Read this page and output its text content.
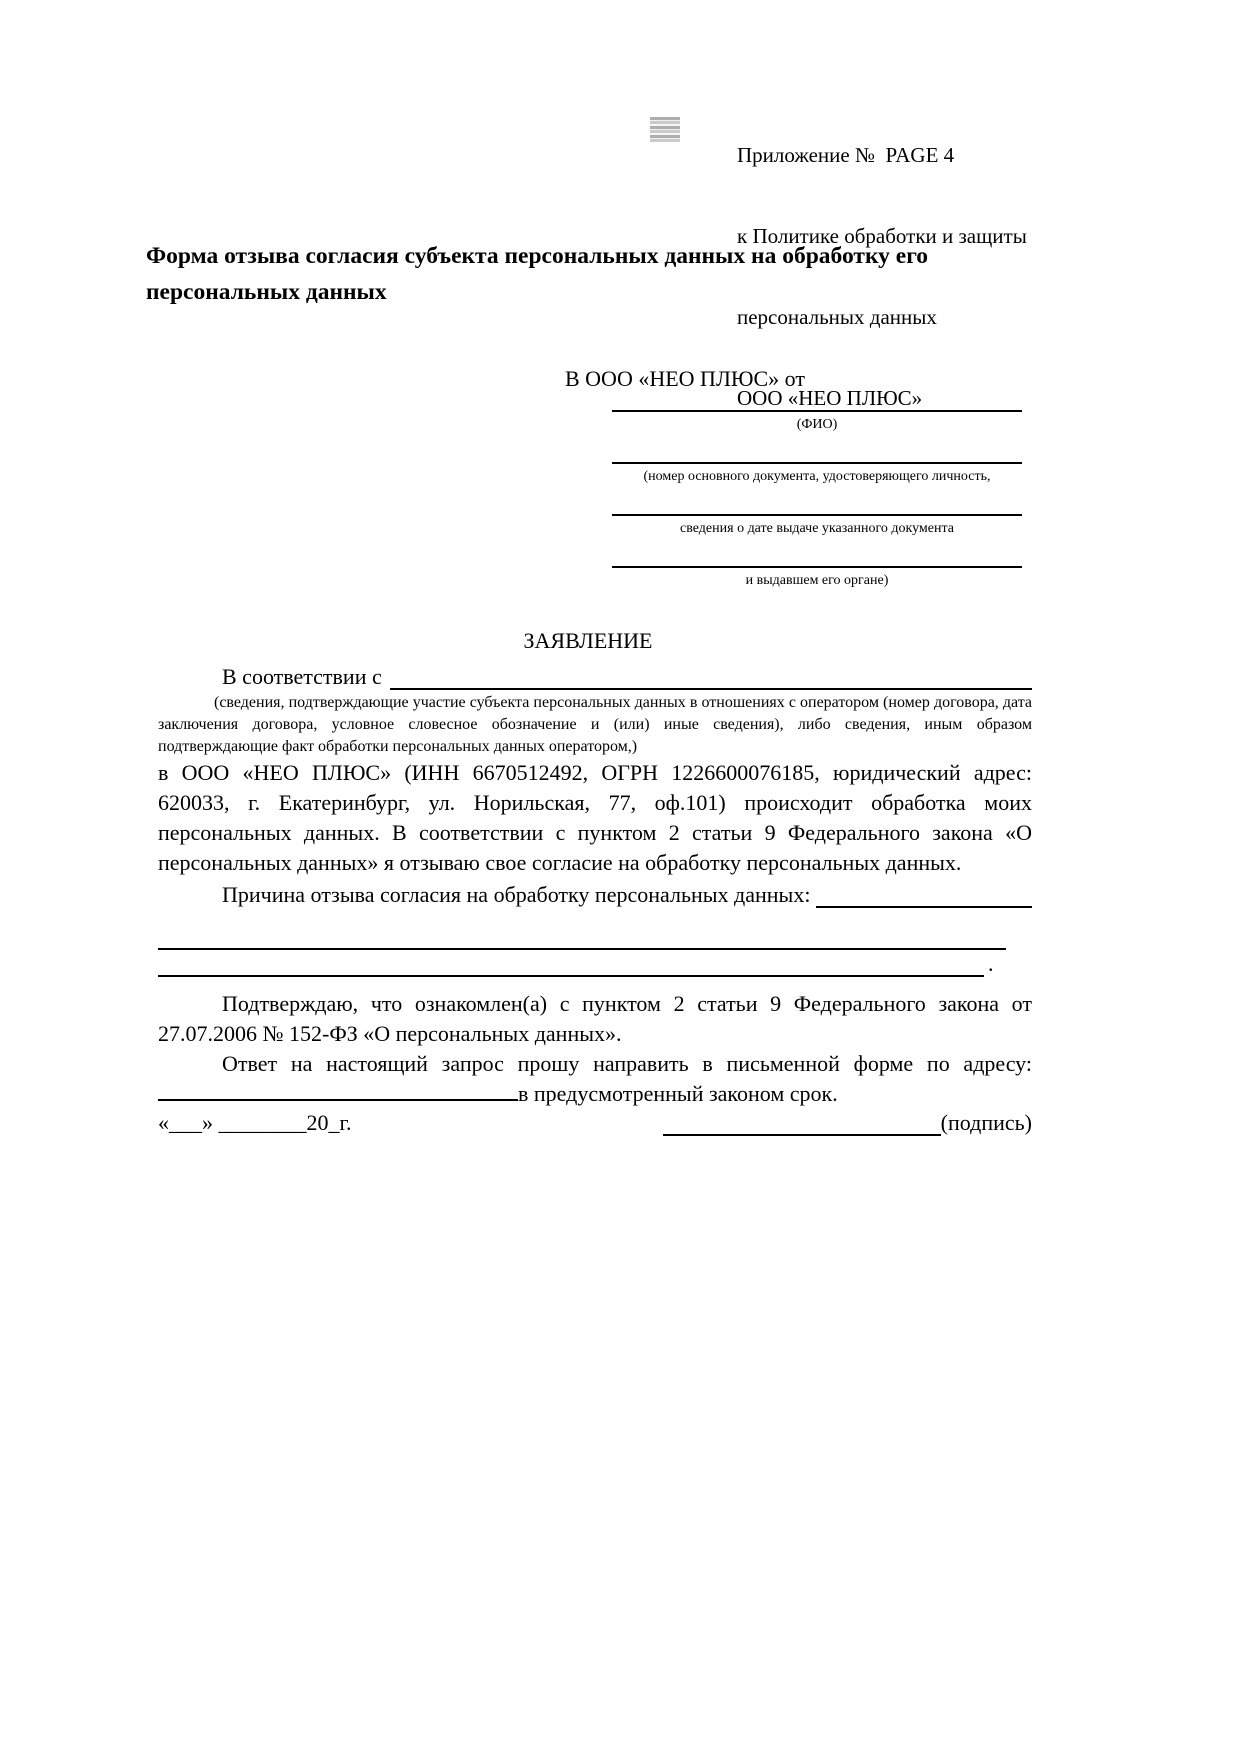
Приложение №  PAGE 4

к Политике обработки и защиты

персональных данных

ООО «НЕО ПЛЮС»

Форма отзыва согласия субъекта персональных данных на обработку его персональных данных
В ООО «НЕО ПЛЮС» от
(ФИО)
(номер основного документа, удостоверяющего личность,
сведения о дате выдаче указанного документа
и выдавшем его органе)
ЗАЯВЛЕНИЕ
В соответствии с

(сведения, подтверждающие участие субъекта персональных данных в отношениях с оператором (номер договора, дата заключения договора, условное словесное обозначение и (или) иные сведения), либо сведения, иным образом подтверждающие факт обработки персональных данных оператором,)

в ООО «НЕО ПЛЮС» (ИНН 6670512492, ОГРН 1226600076185, юридический адрес: 620033, г. Екатеринбург, ул. Норильская, 77, оф.101) происходит обработка моих персональных данных. В соответствии с пунктом 2 статьи 9 Федерального закона «О персональных данных» я отзываю свое согласие на обработку персональных данных.

Причина отзыва согласия на обработку персональных данных:
.

Подтверждаю, что ознакомлен(а) с пунктом 2 статьи 9 Федерального закона от 27.07.2006 № 152-ФЗ «О персональных данных».

Ответ на настоящий запрос прошу направить в письменной форме по адресу: в предусмотренный законом срок.

«___» ________20_г.	(подпись)
